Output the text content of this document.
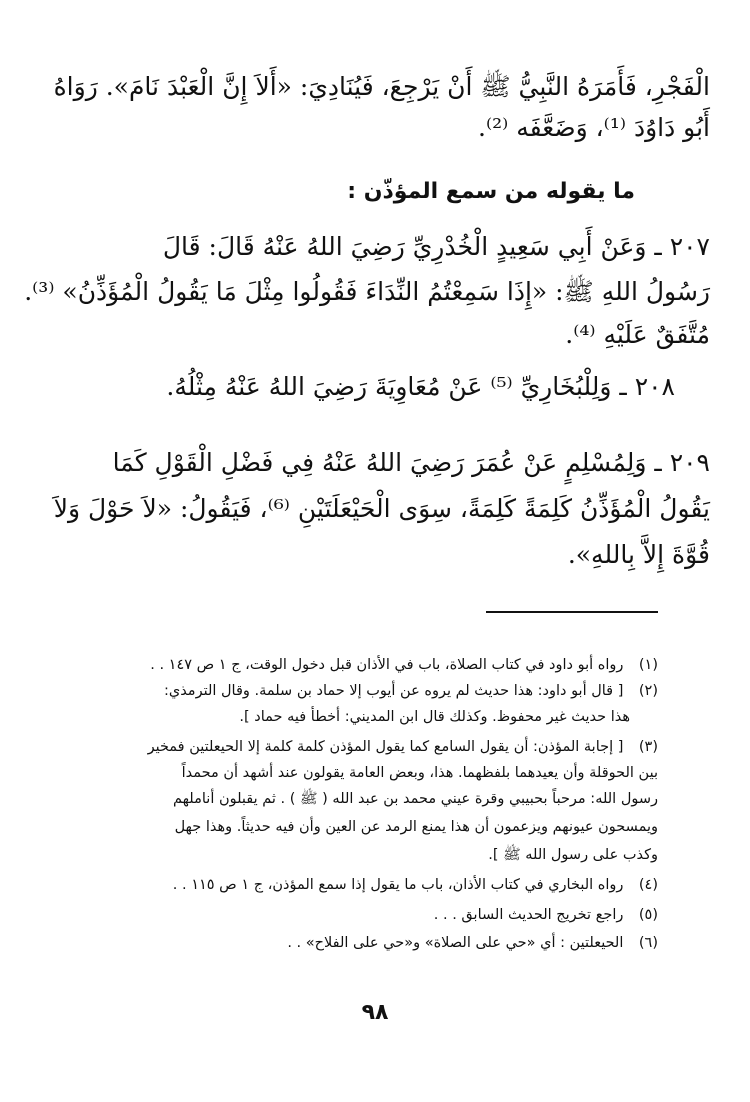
الْفَجْرِ، فَأَمَرَهُ النَّبِيُّ ﷺ أَنْ يَرْجِعَ، فَيُنَادِيَ: «أَلاَ إِنَّ الْعَبْدَ نَامَ». رَوَاهُ
أَبُو دَاوُدَ ⁽¹⁾، وَضَعَّفَه ⁽²⁾.
ما يقوله من سمع المؤذّن :
٢٠٧ ـ وَعَنْ أَبِي سَعِيدٍ الْخُدْرِيِّ رَضِيَ اللهُ عَنْهُ قَالَ: قَالَ
رَسُولُ اللهِ ﷺ: «إِذَا سَمِعْتُمُ النِّدَاءَ فَقُولُوا مِثْلَ مَا يَقُولُ الْمُؤَذِّنُ» ⁽³⁾.
مُتَّفَقٌ عَلَيْهِ ⁽⁴⁾.
٢٠٨ ـ وَلِلْبُخَارِيِّ ⁽⁵⁾ عَنْ مُعَاوِيَةَ رَضِيَ اللهُ عَنْهُ مِثْلُهُ.
٢٠٩ ـ وَلِمُسْلِمٍ عَنْ عُمَرَ رَضِيَ اللهُ عَنْهُ فِي فَضْلِ الْقَوْلِ كَمَا
يَقُولُ الْمُؤَذِّنُ كَلِمَةً كَلِمَةً، سِوَى الْحَيْعَلَتَيْنِ ⁽⁶⁾، فَيَقُولُ: «لاَ حَوْلَ وَلاَ
قُوَّةَ إِلاَّ بِاللهِ».
(١) رواه أبو داود في كتاب الصلاة، باب في الأذان قبل دخول الوقت، ج ١ ص ١٤٧ . .
(٢) [ قال أبو داود: هذا حديث لم يروه عن أيوب إلا حماد بن سلمة. وقال الترمذي:
هذا حديث غير محفوظ. وكذلك قال ابن المديني: أخطأ فيه حماد ].
(٣) [ إجابة المؤذن: أن يقول السامع كما يقول المؤذن كلمة كلمة إلا الحيعلتين فمخير
بين الحوقلة وأن يعيدهما بلفظهما. هذا، وبعض العامة يقولون عند أشهد أن محمداً
رسول الله: مرحباً بحبيبي وقرة عيني محمد بن عبد الله ( ﷺ ) . ثم يقبلون أناملهم
ويمسحون عيونهم ويزعمون أن هذا يمنع الرمد عن العين وأن فيه حديثاً. وهذا جهل
وكذب على رسول الله ﷺ ].
(٤) رواه البخاري في كتاب الأذان، باب ما يقول إذا سمع المؤذن، ج ١ ص ١١٥ . .
(٥) راجع تخريج الحديث السابق . . .
(٦) الحيعلتين : أي «حي على الصلاة» و«حي على الفلاح» . .
٩٨
